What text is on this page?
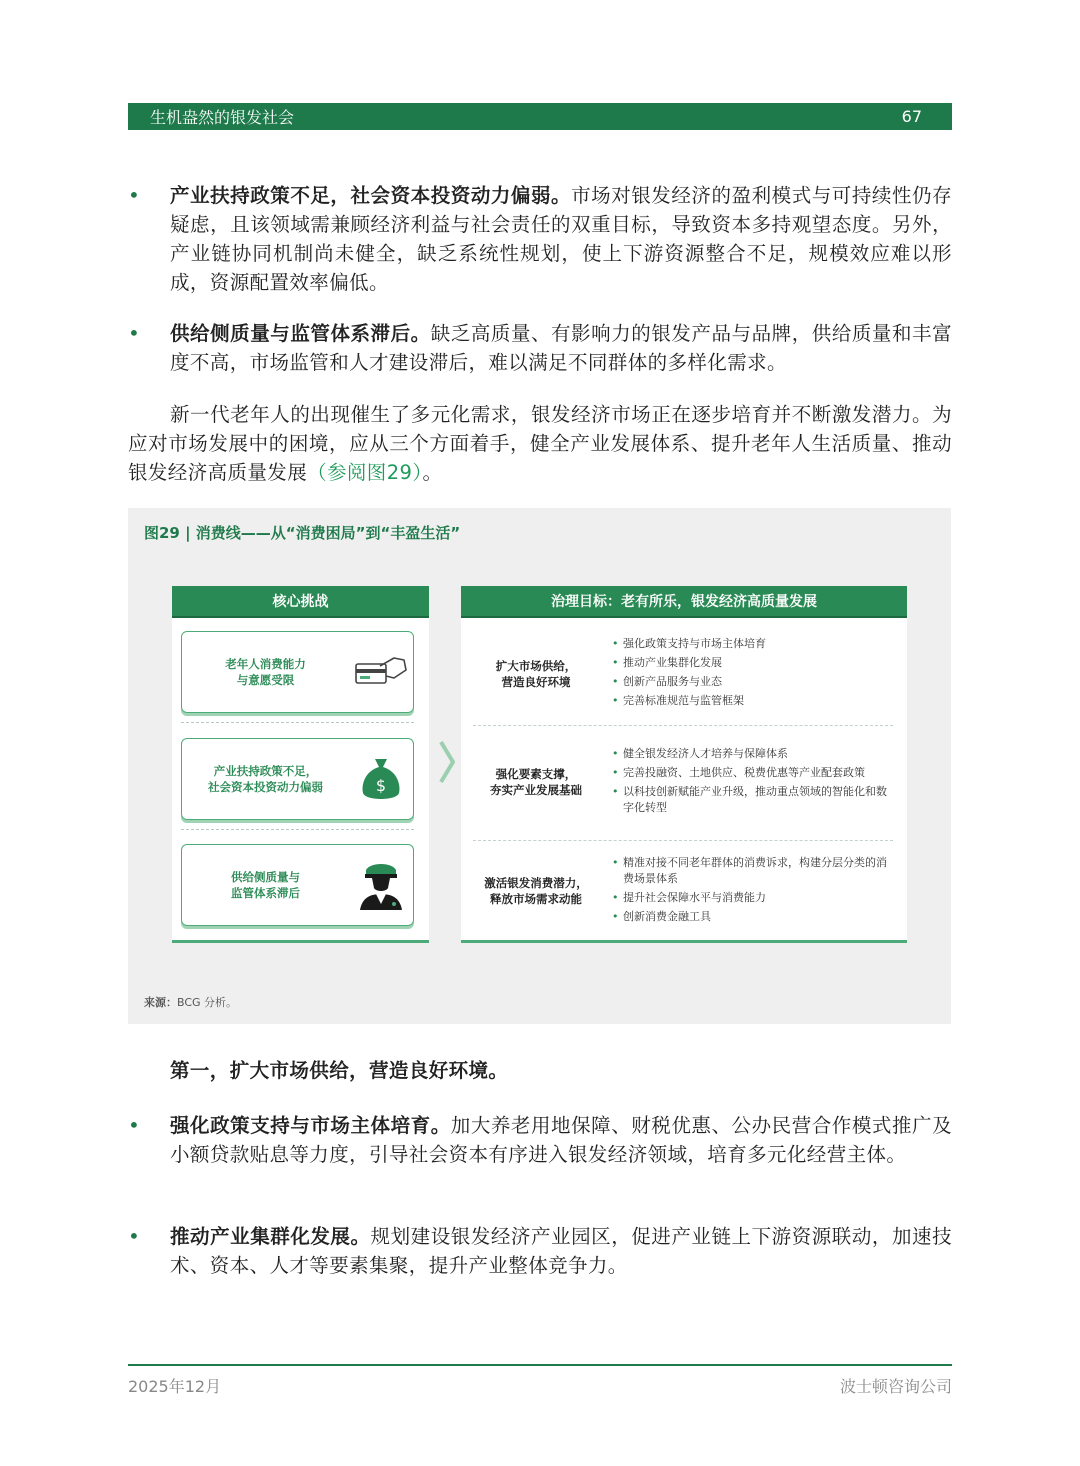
生机盎然的银发社会	67
•	产业扶持政策不足，社会资本投资动力偏弱。市场对银发经济的盈利模式与可持续性仍存疑虑，且该领域需兼顾经济利益与社会责任的双重目标，导致资本多持观望态度。另外，产业链协同机制尚未健全，缺乏系统性规划，使上下游资源整合不足，规模效应难以形成，资源配置效率偏低。

•	供给侧质量与监管体系滞后。缺乏高质量、有影响力的银发产品与品牌，供给质量和丰富度不高，市场监管和人才建设滞后，难以满足不同群体的多样化需求。

新一代老年人的出现催生了多元化需求，银发经济市场正在逐步培育并不断激发潜力。为应对市场发展中的困境，应从三个方面着手，健全产业发展体系、提升老年人生活质量、推动银发经济高质量发展（参阅图29）。

图29 | 消费线——从“消费困局”到“丰盈生活”
核心挑战
老年人消费能力
与意愿受限
产业扶持政策不足，
社会资本投资动力偏弱	$
供给侧质量与
监管体系滞后
治理目标：老有所乐，银发经济高质量发展
扩大市场供给，
营造良好环境
• 强化政策支持与市场主体培育
• 推动产业集群化发展
• 创新产品服务与业态
• 完善标准规范与监管框架
强化要素支撑，
夯实产业发展基础
• 健全银发经济人才培养与保障体系
• 完善投融资、土地供应、税费优惠等产业配套政策
• 以科技创新赋能产业升级，推动重点领域的智能化和数字化转型
激活银发消费潜力，
释放市场需求动能
• 精准对接不同老年群体的消费诉求，构建分层分类的消费场景体系
• 提升社会保障水平与消费能力
• 创新消费金融工具
来源：BCG 分析。

第一，扩大市场供给，营造良好环境。

•	强化政策支持与市场主体培育。加大养老用地保障、财税优惠、公办民营合作模式推广及小额贷款贴息等力度，引导社会资本有序进入银发经济领域，培育多元化经营主体。

•	推动产业集群化发展。规划建设银发经济产业园区，促进产业链上下游资源联动，加速技术、资本、人才等要素集聚，提升产业整体竞争力。

2025年12月	波士顿咨询公司
